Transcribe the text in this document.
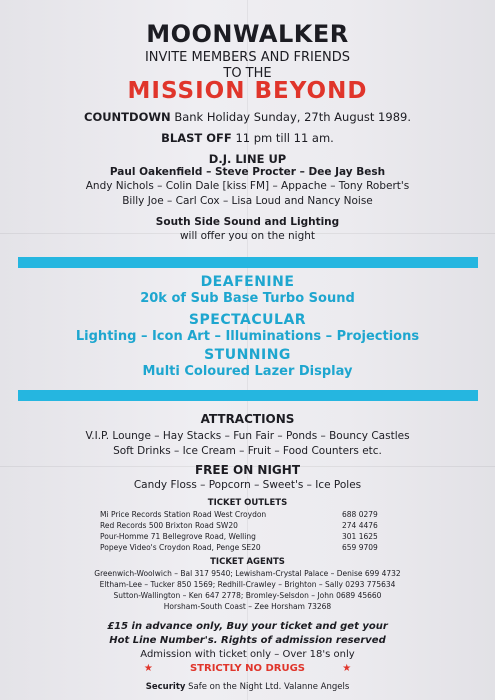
MOONWALKER
INVITE MEMBERS AND FRIENDS
TO THE
MISSION BEYOND
COUNTDOWN Bank Holiday Sunday, 27th August 1989.
BLAST OFF 11 pm till 11 am.
D.J. LINE UP
Paul Oakenfield – Steve Procter – Dee Jay Besh
Andy Nichols – Colin Dale [kiss FM] – Appache – Tony Robert's
Billy Joe – Carl Cox – Lisa Loud and Nancy Noise
South Side Sound and Lighting
will offer you on the night
DEAFENINE
20k of Sub Base Turbo Sound
SPECTACULAR
Lighting – Icon Art – Illuminations – Projections
STUNNING
Multi Coloured Lazer Display
ATTRACTIONS
V.I.P. Lounge – Hay Stacks – Fun Fair – Ponds – Bouncy Castles
Soft Drinks – Ice Cream – Fruit – Food Counters etc.
FREE ON NIGHT
Candy Floss – Popcorn – Sweet's – Ice Poles
TICKET OUTLETS
Mi Price Records Station Road West Croydon	688 0279
Red Records 500 Brixton Road SW20	274 4476
Pour-Homme 71 Bellegrove Road, Welling	301 1625
Popeye Video's Croydon Road, Penge SE20	659 9709
TICKET AGENTS
Greenwich-Woolwich – Bal 317 9540; Lewisham-Crystal Palace – Denise 699 4732
Eltham-Lee – Tucker 850 1569; Redhill-Crawley – Brighton – Sally 0293 775634
Sutton-Wallington – Ken 647 2778; Bromley-Selsdon – John 0689 45660
Horsham-South Coast – Zee Horsham 73268
£15 in advance only, Buy your ticket and get your
Hot Line Number's. Rights of admission reserved
Admission with ticket only – Over 18's only
★	STRICTLY NO DRUGS	★
Security Safe on the Night Ltd. Valanne Angels
